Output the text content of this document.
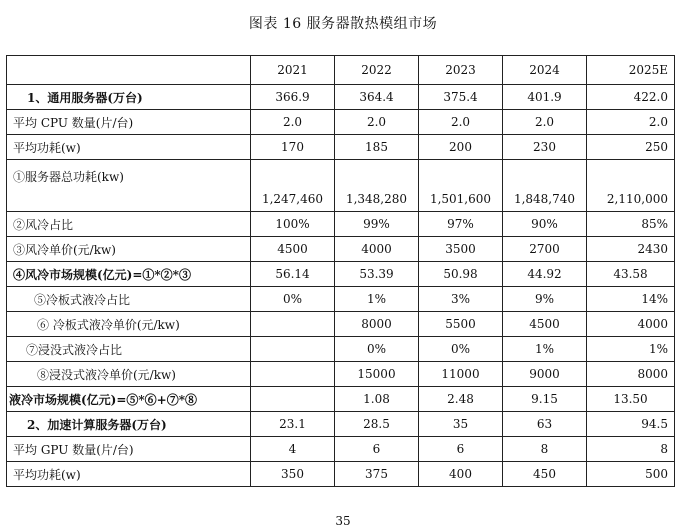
图表 16 服务器散热模组市场
	2021	2022	2023	2024	2025E
1、通用服务器(万台)	366.9	364.4	375.4	401.9	422.0
平均 CPU 数量(片/台)	2.0	2.0	2.0	2.0	2.0
平均功耗(w)	170	185	200	230	250
①服务器总功耗(kw)	1,247,460	1,348,280	1,501,600	1,848,740	2,110,000
②风冷占比	100%	99%	97%	90%	85%
③风冷单价(元/kw)	4500	4000	3500	2700	2430
④风冷市场规模(亿元)=①*②*③	56.14	53.39	50.98	44.92	43.58
⑤冷板式液冷占比	0%	1%	3%	9%	14%
⑥ 冷板式液冷单价(元/kw)		8000	5500	4500	4000
⑦浸没式液冷占比		0%	0%	1%	1%
⑧浸没式液冷单价(元/kw)		15000	11000	9000	8000
液冷市场规模(亿元)=⑤*⑥+⑦*⑧		1.08	2.48	9.15	13.50
2、加速计算服务器(万台)	23.1	28.5	35	63	94.5
平均 GPU 数量(片/台)	4	6	6	8	8
平均功耗(w)	350	375	400	450	500
35
